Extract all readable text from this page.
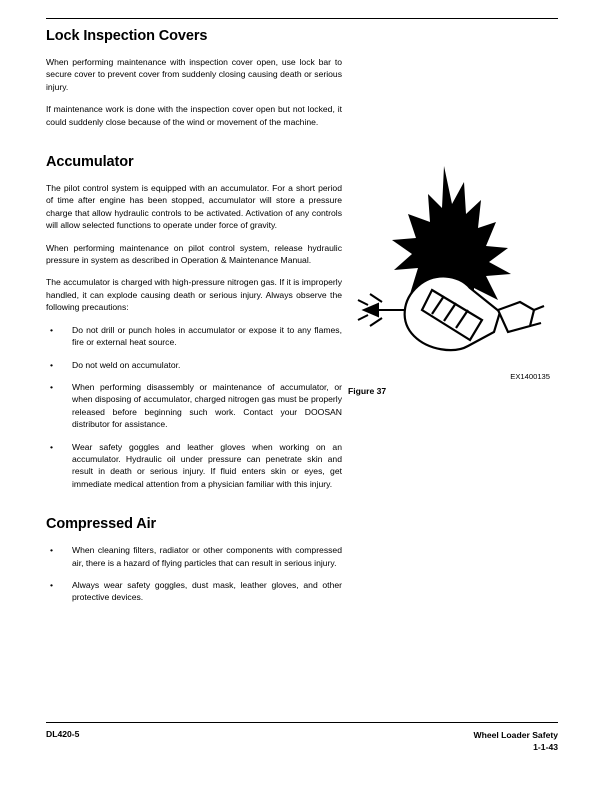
Lock Inspection Covers

When performing maintenance with inspection cover open, use lock bar to secure cover to prevent cover from suddenly closing causing death or serious injury.

If maintenance work is done with the inspection cover open but not locked, it could suddenly close because of the wind or movement of the machine.

Accumulator

The pilot control system is equipped with an accumulator. For a short period of time after engine has been stopped, accumulator will store a pressure charge that allow hydraulic controls to be activated. Activation of any controls will allow selected functions to operate under force of gravity.

When performing maintenance on pilot control system, release hydraulic pressure in system as described in Operation & Maintenance Manual.

The accumulator is charged with high-pressure nitrogen gas. If it is improperly handled, it can explode causing death or serious injury. Always observe the following precautions:

• Do not drill or punch holes in accumulator or expose it to any flames, fire or external heat source.
• Do not weld on accumulator.
• When performing disassembly or maintenance of accumulator, or when disposing of accumulator, charged nitrogen gas must be properly released before beginning such work. Contact your DOOSAN distributor for assistance.
• Wear safety goggles and leather gloves when working on an accumulator. Hydraulic oil under pressure can penetrate skin and result in death or serious injury. If fluid enters skin or eyes, get immediate medical attention from a physician familiar with this injury.
Compressed Air
• When cleaning filters, radiator or other components with compressed air, there is a hazard of flying particles that can result in serious injury.
• Always wear safety goggles, dust mask, leather gloves, and other protective devices.
EX1400135
Figure 37
DL420-5	Wheel Loader Safety
1-1-43
